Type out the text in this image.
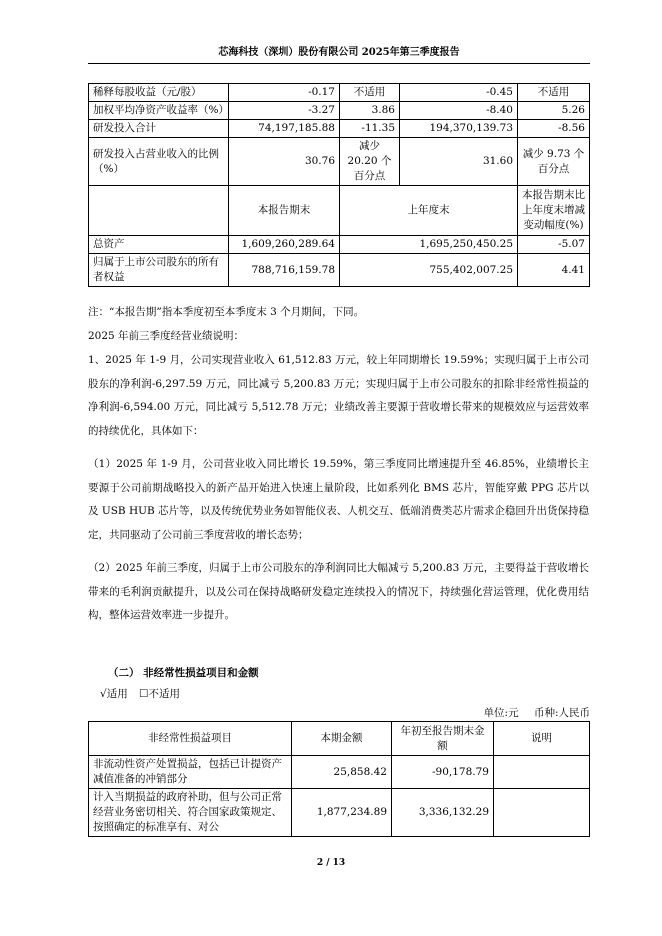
芯海科技（深圳）股份有限公司 2025年第三季度报告
稀释每股收益（元/股）	-0.17	不适用	-0.45	不适用
加权平均净资产收益率（%）	-3.27	3.86	-8.40	5.26
研发投入合计	74,197,185.88	-11.35	194,370,139.73	-8.56
研发投入占营业收入的比例（%）	30.76	减少 20.20 个百分点	31.60	减少 9.73 个百分点
	本报告期末	上年度末		本报告期末比上年度末增减变动幅度(%)
总资产	1,609,260,289.64	1,695,250,450.25		-5.07
归属于上市公司股东的所有者权益	788,716,159.78	755,402,007.25		4.41
注：“本报告期”指本季度初至本季度末 3 个月期间，下同。
2025 年前三季度经营业绩说明：
1、2025 年 1-9 月，公司实现营业收入 61,512.83 万元，较上年同期增长 19.59%；实现归属于上市公司股东的净利润-6,297.59 万元，同比减亏 5,200.83 万元；实现归属于上市公司股东的扣除非经常性损益的净利润-6,594.00 万元，同比减亏 5,512.78 万元；业绩改善主要源于营收增长带来的规模效应与运营效率的持续优化，具体如下：
（1）2025 年 1-9 月，公司营业收入同比增长 19.59%，第三季度同比增速提升至 46.85%，业绩增长主要源于公司前期战略投入的新产品开始进入快速上量阶段，比如系列化 BMS 芯片，智能穿戴 PPG 芯片以及 USB HUB 芯片等，以及传统优势业务如智能仪表、人机交互、低端消费类芯片需求企稳回升出货保持稳定，共同驱动了公司前三季度营收的增长态势；
（2）2025 年前三季度，归属于上市公司股东的净利润同比大幅减亏 5,200.83 万元，主要得益于营收增长带来的毛利润贡献提升，以及公司在保持战略研发稳定连续投入的情况下，持续强化营运管理，优化费用结构，整体运营效率进一步提升。
（二） 非经常性损益项目和金额
√适用 ☐不适用
单位:元 币种:人民币
非经常性损益项目	本期金额	年初至报告期末金额	说明
非流动性资产处置损益，包括已计提资产减值准备的冲销部分	25,858.42	-90,178.79	
计入当期损益的政府补助，但与公司正常经营业务密切相关、符合国家政策规定、按照确定的标准享有、对公	1,877,234.89	3,336,132.29	
2 / 13
